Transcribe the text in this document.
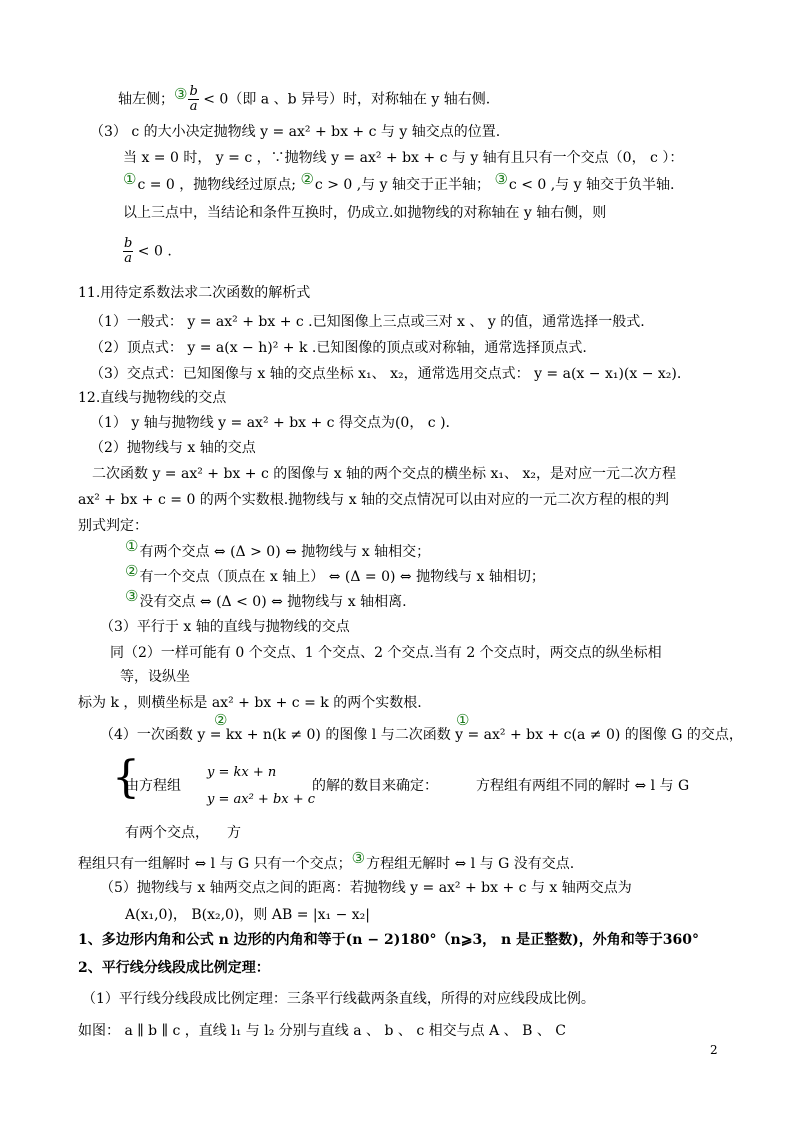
轴左侧；③ $\frac{b}{a} < 0$（即 a 、b 异号）时，对称轴在 y 轴右侧.
（3） c 的大小决定抛物线 y = ax² + bx + c 与 y 轴交点的位置.
当 x = 0 时， y = c ，∵抛物线 y = ax² + bx + c 与 y 轴有且只有一个交点（0， c ）：
①c = 0 ，抛物线经过原点; ②c > 0 ,与 y 轴交于正半轴； ③c < 0 ,与 y 轴交于负半轴.
以上三点中，当结论和条件互换时，仍成立.如抛物线的对称轴在 y 轴右侧，则
$\frac{b}{a} < 0$ .
11.用待定系数法求二次函数的解析式
（1）一般式： y = ax² + bx + c .已知图像上三点或三对 x 、 y 的值，通常选择一般式.
（2）顶点式： y = a(x − h)² + k .已知图像的顶点或对称轴，通常选择顶点式.
（3）交点式：已知图像与 x 轴的交点坐标 x₁、 x₂，通常选用交点式： y = a(x − x₁)(x − x₂).
12.直线与抛物线的交点
（1） y 轴与抛物线 y = ax² + bx + c 得交点为(0， c ).
（2）抛物线与 x 轴的交点
二次函数 y = ax² + bx + c 的图像与 x 轴的两个交点的横坐标 x₁、 x₂，是对应一元二次方程
ax² + bx + c = 0 的两个实数根.抛物线与 x 轴的交点情况可以由对应的一元二次方程的根的判
别式判定：
①有两个交点 ⇔ (Δ > 0) ⇔ 抛物线与 x 轴相交；
②有一个交点（顶点在 x 轴上） ⇔ (Δ = 0) ⇔ 抛物线与 x 轴相切；
③没有交点 ⇔ (Δ < 0) ⇔ 抛物线与 x 轴相离.
（3）平行于 x 轴的直线与抛物线的交点
同（2）一样可能有 0 个交点、1 个交点、2 个交点.当有 2 个交点时，两交点的纵坐标相
等，设纵坐
标为 k ，则横坐标是 ax² + bx + c = k 的两个实数根.
（4）一次函数 y = kx + n(k ≠ 0) 的图像 l 与二次函数 y = ax² + bx + c(a ≠ 0) 的图像 G 的交点，
②	①
{
由方程组
y = kx + n
y = ax² + bx + c
的解的数目来确定：	方程组有两组不同的解时 ⇔ l 与 G
有两个交点， 方
程组只有一组解时 ⇔ l 与 G 只有一个交点；③方程组无解时 ⇔ l 与 G 没有交点.
（5）抛物线与 x 轴两交点之间的距离：若抛物线 y = ax² + bx + c 与 x 轴两交点为
A(x₁,0)， B(x₂,0)，则 AB = |x₁ − x₂|
1、多边形内角和公式 n 边形的内角和等于(n − 2)180°（n⩾3， n 是正整数)，外角和等于360°
2、平行线分线段成比例定理：
（1）平行线分线段成比例定理：三条平行线截两条直线，所得的对应线段成比例。
如图： a ∥ b ∥ c ，直线 l₁ 与 l₂ 分别与直线 a 、 b 、 c 相交与点 A 、 B 、 C
2
